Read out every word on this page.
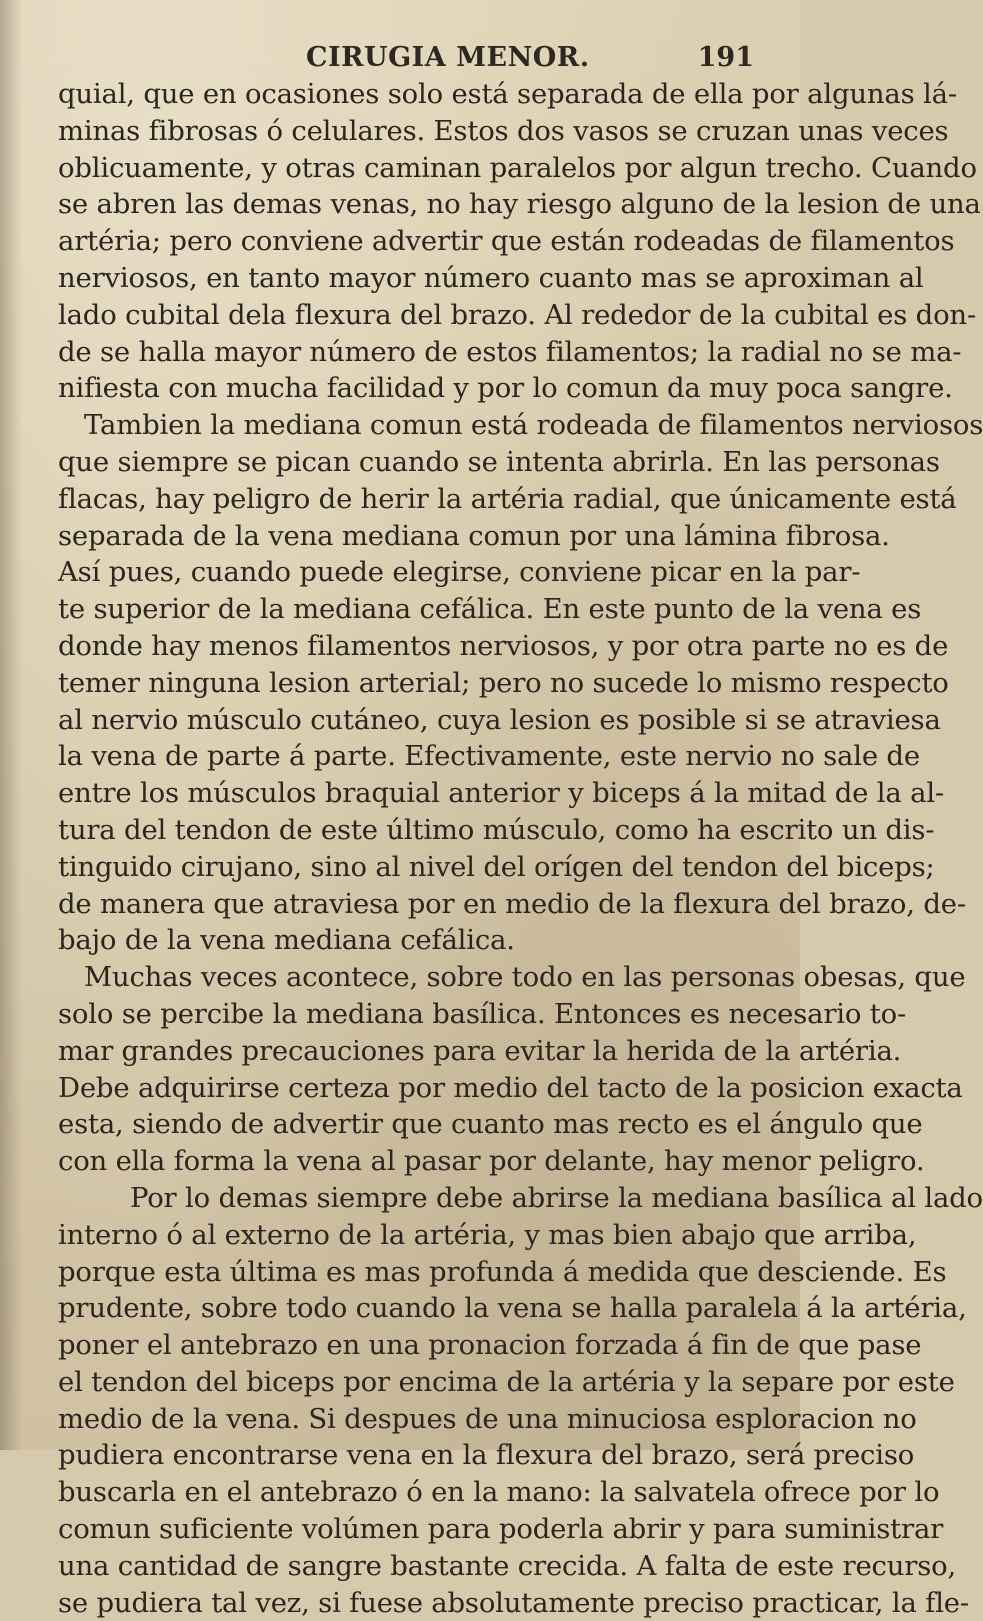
CIRUGIA MENOR.	191
quial, que en ocasiones solo está separada de ella por algunas lá-
minas fibrosas ó celulares. Estos dos vasos se cruzan unas veces
oblicuamente, y otras caminan paralelos por algun trecho. Cuando
se abren las demas venas, no hay riesgo alguno de la lesion de una
artéria; pero conviene advertir que están rodeadas de filamentos
nerviosos, en tanto mayor número cuanto mas se aproximan al
lado cubital dela flexura del brazo. Al rededor de la cubital es don-
de se halla mayor número de estos filamentos; la radial no se ma-
nifiesta con mucha facilidad y por lo comun da muy poca sangre.
Tambien la mediana comun está rodeada de filamentos nerviosos
que siempre se pican cuando se intenta abrirla. En las personas
flacas, hay peligro de herir la artéria radial, que únicamente está
separada de la vena mediana comun por una lámina fibrosa.
Así pues, cuando puede elegirse, conviene picar en la par-
te superior de la mediana cefálica. En este punto de la vena es
donde hay menos filamentos nerviosos, y por otra parte no es de
temer ninguna lesion arterial; pero no sucede lo mismo respecto
al nervio músculo cutáneo, cuya lesion es posible si se atraviesa
la vena de parte á parte. Efectivamente, este nervio no sale de
entre los músculos braquial anterior y biceps á la mitad de la al-
tura del tendon de este último músculo, como ha escrito un dis-
tinguido cirujano, sino al nivel del orígen del tendon del biceps;
de manera que atraviesa por en medio de la flexura del brazo, de-
bajo de la vena mediana cefálica.
Muchas veces acontece, sobre todo en las personas obesas, que
solo se percibe la mediana basílica. Entonces es necesario to-
mar grandes precauciones para evitar la herida de la artéria.
Debe adquirirse certeza por medio del tacto de la posicion exacta
esta, siendo de advertir que cuanto mas recto es el ángulo que
con ella forma la vena al pasar por delante, hay menor peligro.
Por lo demas siempre debe abrirse la mediana basílica al lado
interno ó al externo de la artéria, y mas bien abajo que arriba,
porque esta última es mas profunda á medida que desciende. Es
prudente, sobre todo cuando la vena se halla paralela á la artéria,
poner el antebrazo en una pronacion forzada á fin de que pase
el tendon del biceps por encima de la artéria y la separe por este
medio de la vena. Si despues de una minuciosa esploracion no
pudiera encontrarse vena en la flexura del brazo, será preciso
buscarla en el antebrazo ó en la mano: la salvatela ofrece por lo
comun suficiente volúmen para poderla abrir y para suministrar
una cantidad de sangre bastante crecida. A falta de este recurso,
se pudiera tal vez, si fuese absolutamente preciso practicar, la fle-
